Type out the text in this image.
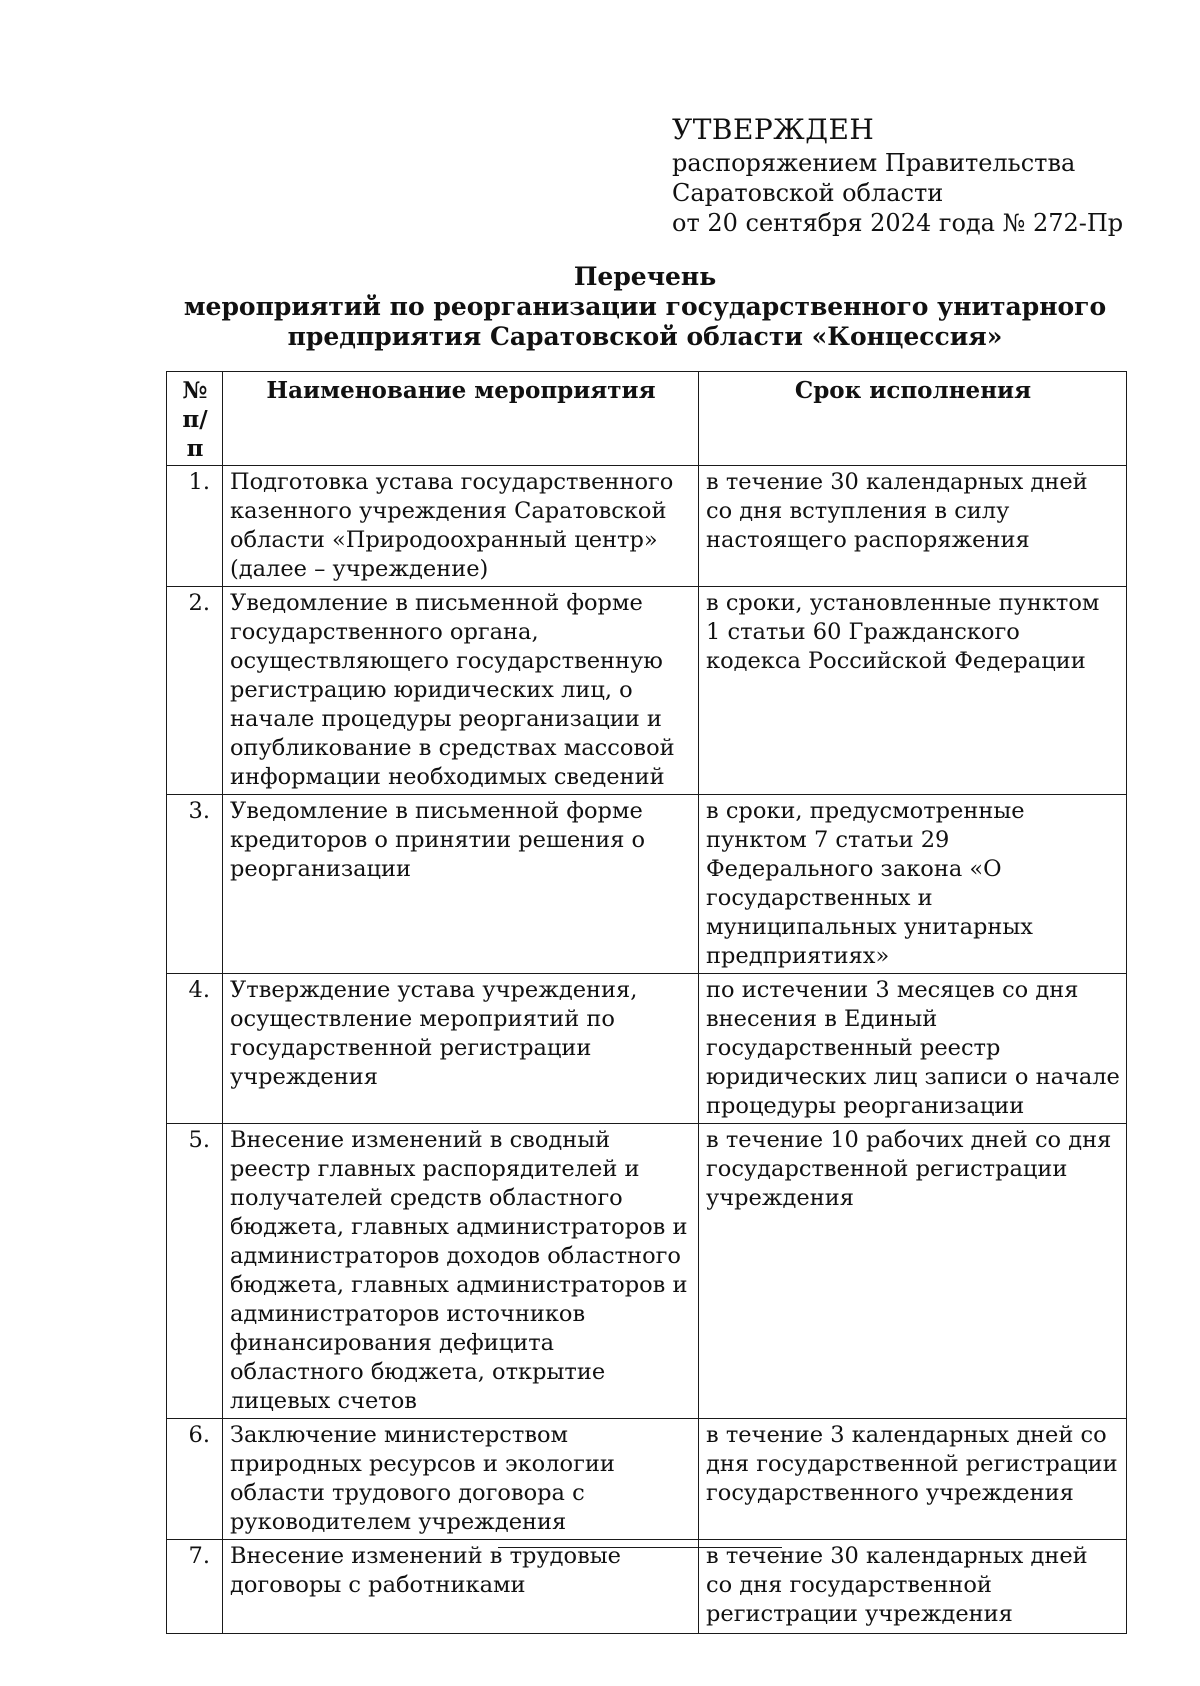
УТВЕРЖДЕН
распоряжением Правительства
Саратовской области
от 20 сентября 2024 года № 272-Пр
Перечень
мероприятий по реорганизации государственного унитарного
предприятия Саратовской области «Концессия»
№ п/п	Наименование мероприятия	Срок исполнения
1.	Подготовка устава государственного казенного учреждения Саратовской области «Природоохранный центр» (далее – учреждение)	в течение 30 календарных дней со дня вступления в силу настоящего распоряжения
2.	Уведомление в письменной форме государственного органа, осуществляющего государственную регистрацию юридических лиц, о начале процедуры реорганизации и опубликование в средствах массовой информации необходимых сведений	в сроки, установленные пунктом 1 статьи 60 Гражданского кодекса Российской Федерации
3.	Уведомление в письменной форме кредиторов о принятии решения о реорганизации	в сроки, предусмотренные пунктом 7 статьи 29 Федерального закона «О государственных и муниципальных унитарных предприятиях»
4.	Утверждение устава учреждения, осуществление мероприятий по государственной регистрации учреждения	по истечении 3 месяцев со дня внесения в Единый государственный реестр юридических лиц записи о начале процедуры реорганизации
5.	Внесение изменений в сводный реестр главных распорядителей и получателей средств областного бюджета, главных администраторов и администраторов доходов областного бюджета, главных администраторов и администраторов источников финансирования дефицита областного бюджета, открытие лицевых счетов	в течение 10 рабочих дней со дня государственной регистрации учреждения
6.	Заключение министерством природных ресурсов и экологии области трудового договора с руководителем учреждения	в течение 3 календарных дней со дня государственной регистрации государственного учреждения
7.	Внесение изменений в трудовые договоры с работниками	в течение 30 календарных дней со дня государственной регистрации учреждения
